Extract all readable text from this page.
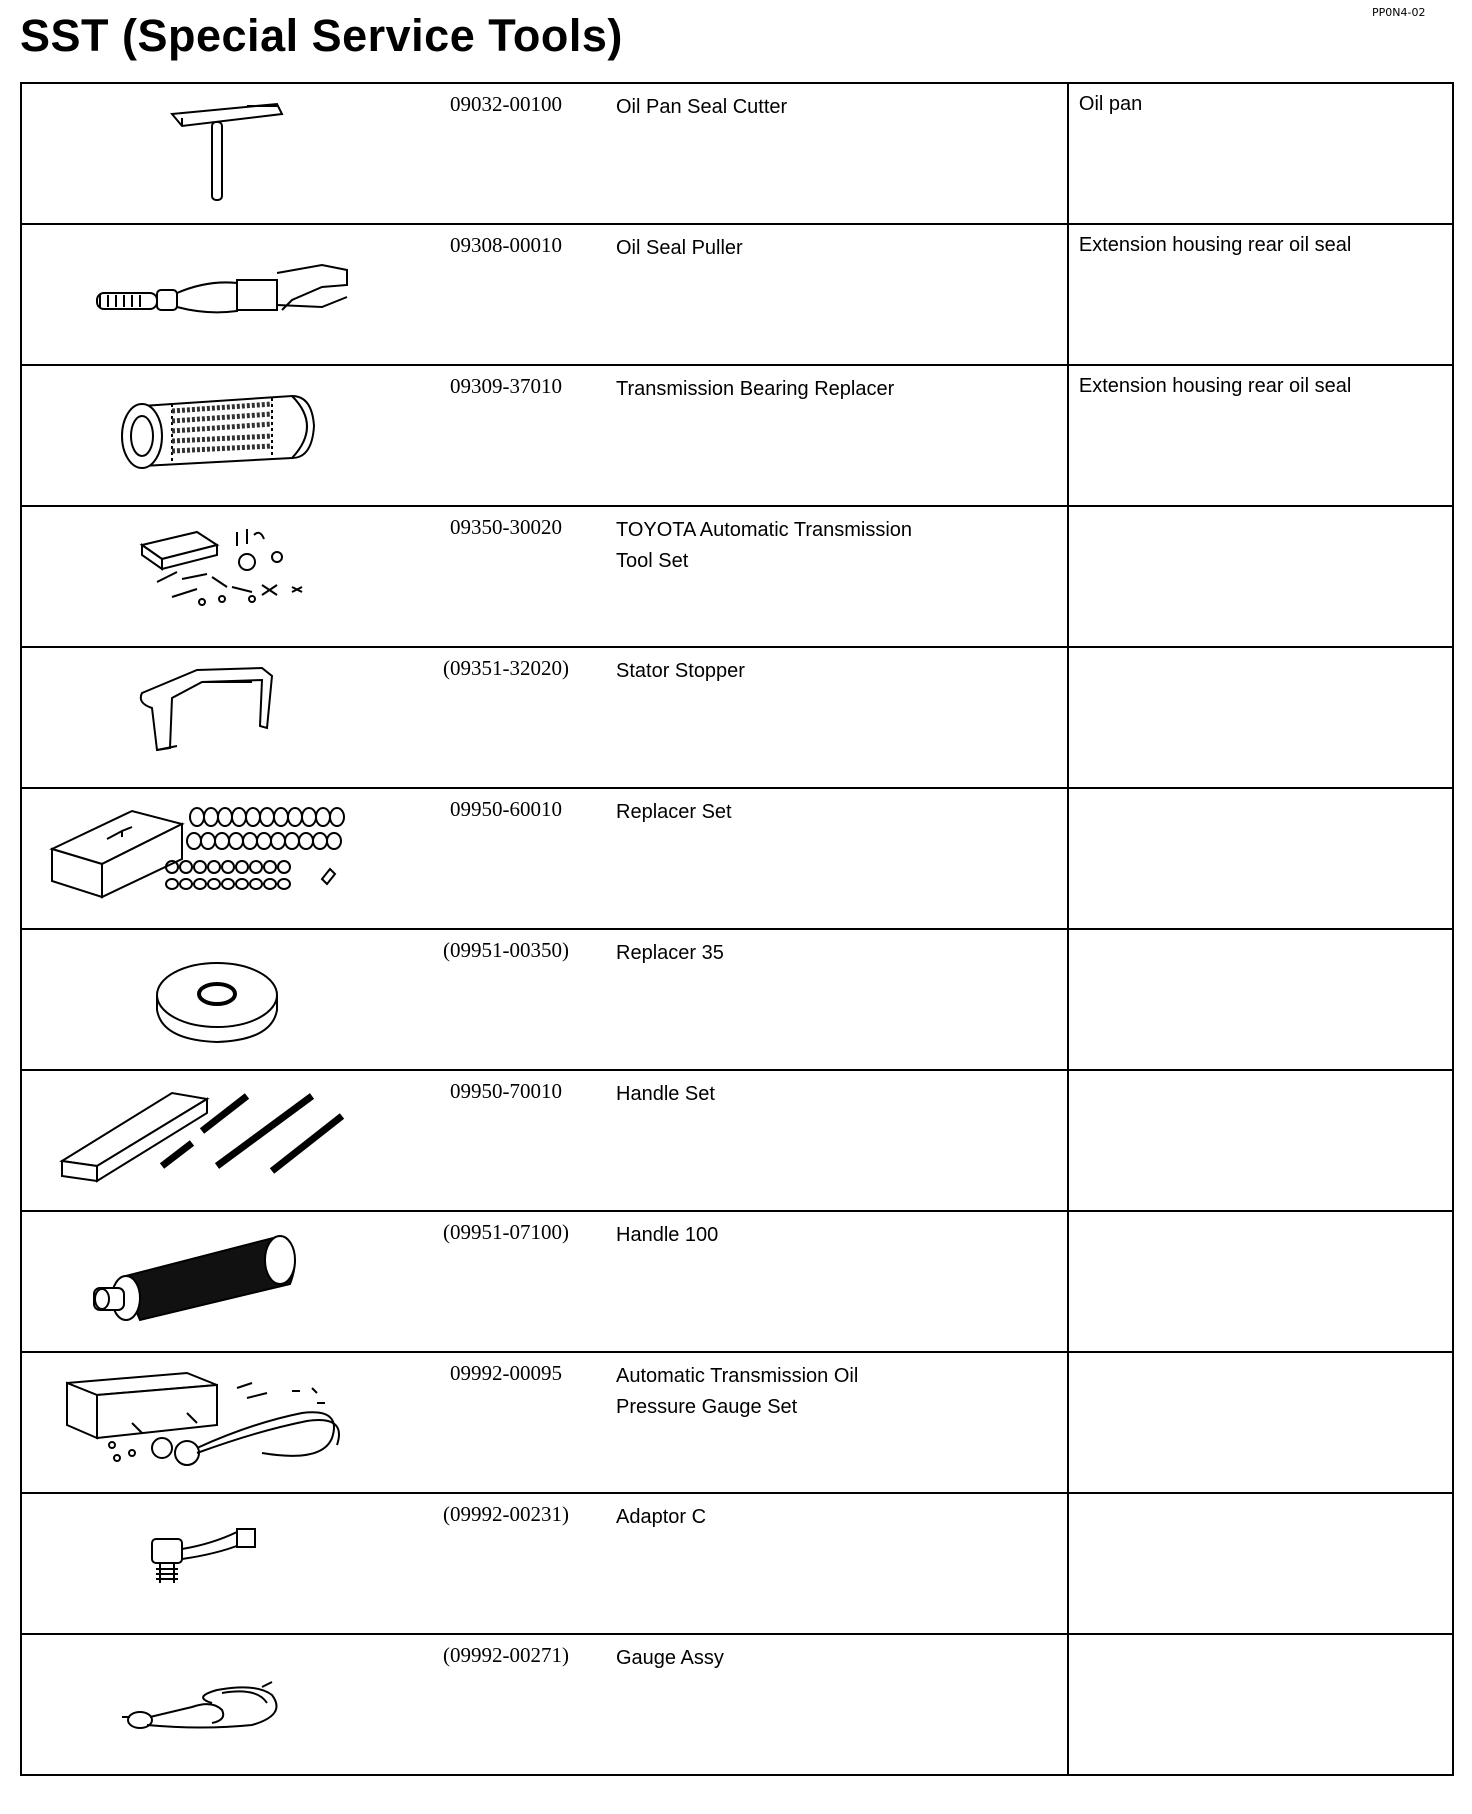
PP0N4-02
SST (Special Service Tools)
09032-00100 Oil Pan Seal Cutter	Oil pan

09308-00010 Oil Seal Puller	Extension housing rear oil seal

09309-37010 Transmission Bearing Replacer	Extension housing rear oil seal

09350-30020 TOYOTA Automatic Transmission
Tool Set	

(09351-32020) Stator Stopper	

09950-60010 Replacer Set	

(09951-00350) Replacer 35	

09950-70010 Handle Set	

(09951-07100) Handle 100	

09992-00095 Automatic Transmission Oil
Pressure Gauge Set	

(09992-00231) Adaptor C	

(09992-00271) Gauge Assy	
